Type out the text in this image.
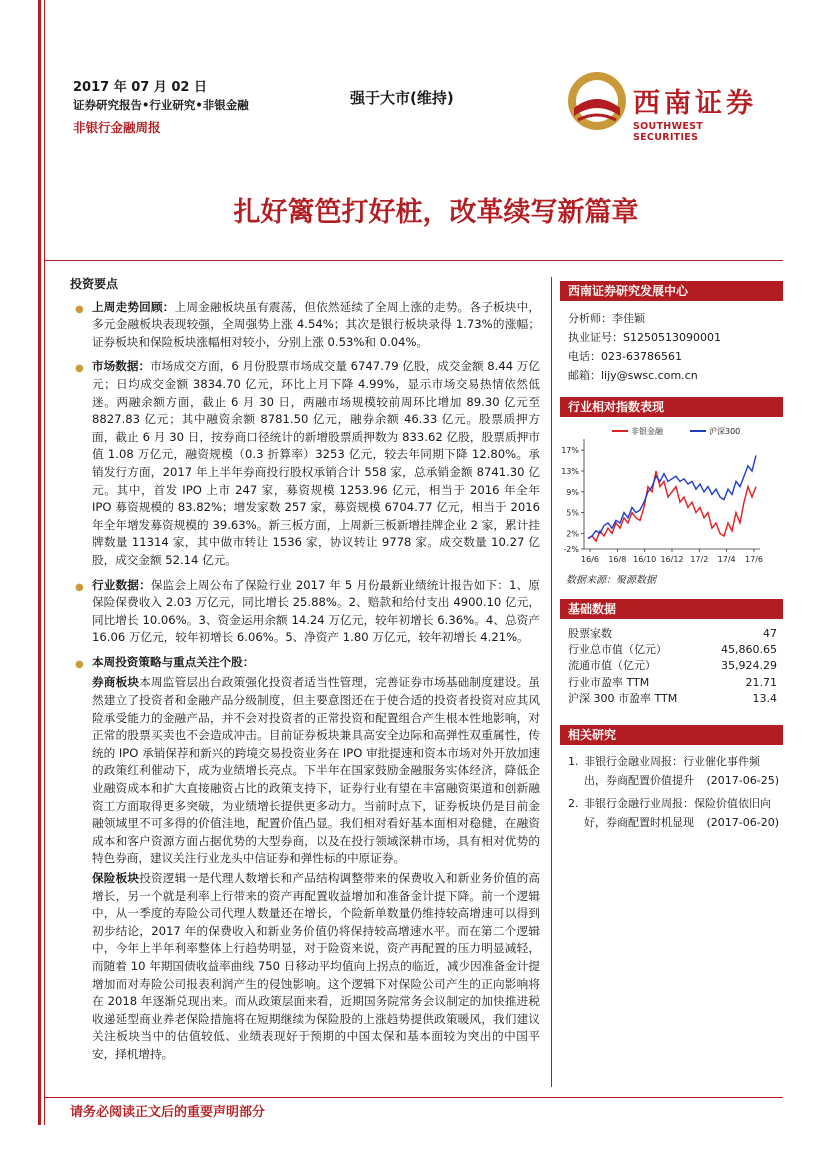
2017 年 07 月 02 日
证券研究报告•行业研究•非银金融
非银行金融周报
强于大市(维持)	西南证券
SOUTHWEST SECURITIES
扎好篱笆打好桩，改革续写新篇章
投资要点
● 上周走势回顾：上周金融板块虽有震荡，但依然延续了全周上涨的走势。各子板块中，多元金融板块表现较强，全周强势上涨 4.54%；其次是银行板块录得 1.73%的涨幅；证券板块和保险板块涨幅相对较小，分别上涨 0.53%和 0.04%。
● 市场数据：市场成交方面，6 月份股票市场成交量 6747.79 亿股，成交金额 8.44 万亿元；日均成交金额 3834.70 亿元，环比上月下降 4.99%，显示市场交易热情依然低迷。两融余额方面，截止 6 月 30 日，两融市场规模较前周环比增加 89.30 亿元至 8827.83 亿元；其中融资余额 8781.50 亿元，融券余额 46.33 亿元。股票质押方面，截止 6 月 30 日，按券商口径统计的新增股票质押数为 833.62 亿股，股票质押市值 1.08 万亿元，融资规模（0.3 折算率）3253 亿元，较去年同期下降 12.80%。承销发行方面，2017 年上半年券商投行股权承销合计 558 家，总承销金额 8741.30 亿元。其中，首发 IPO 上市 247 家，募资规模 1253.96 亿元，相当于 2016 年全年 IPO 募资规模的 83.82%；增发家数 257 家，募资规模 6704.77 亿元，相当于 2016 年全年增发募资规模的 39.63%。新三板方面，上周新三板新增挂牌企业 2 家，累计挂牌数量 11314 家，其中做市转让 1536 家，协议转让 9778 家。成交数量 10.27 亿股，成交金额 52.14 亿元。
● 行业数据：保监会上周公布了保险行业 2017 年 5 月份最新业绩统计报告如下：1、原保险保费收入 2.03 万亿元，同比增长 25.88%。2、赔款和给付支出 4900.10 亿元，同比增长 10.06%。3、资金运用余额 14.24 万亿元，较年初增长 6.36%。4、总资产 16.06 万亿元，较年初增长 6.06%。5、净资产 1.80 万亿元，较年初增长 4.21%。
● 本周投资策略与重点关注个股：
券商板块本周监管层出台政策强化投资者适当性管理，完善证券市场基础制度建设。虽然建立了投资者和金融产品分级制度，但主要意图还在于使合适的投资者投资对应其风险承受能力的金融产品，并不会对投资者的正常投资和配置组合产生根本性地影响，对正常的股票买卖也不会造成冲击。目前证券板块兼具高安全边际和高弹性双重属性，传统的 IPO 承销保荐和新兴的跨境交易投资业务在 IPO 审批提速和资本市场对外开放加速的政策红利催动下，成为业绩增长亮点。下半年在国家鼓励金融服务实体经济，降低企业融资成本和扩大直接融资占比的政策支持下，证券行业有望在丰富融资渠道和创新融资工方面取得更多突破，为业绩增长提供更多动力。当前时点下，证券板块仍是目前金融领域里不可多得的价值洼地，配置价值凸显。我们相对看好基本面相对稳健，在融资成本和客户资源方面占据优势的大型券商，以及在投行领域深耕市场，具有相对优势的特色券商，建议关注行业龙头中信证券和弹性标的中原证券。
保险板块投资逻辑一是代理人数增长和产品结构调整带来的保费收入和新业务价值的高增长，另一个就是利率上行带来的资产再配置收益增加和准备金计提下降。前一个逻辑中，从一季度的寿险公司代理人数量还在增长，个险新单数量仍维持较高增速可以得到初步结论，2017 年的保费收入和新业务价值仍将保持较高增速水平。而在第二个逻辑中，今年上半年利率整体上行趋势明显，对于险资来说，资产再配置的压力明显减轻，而随着 10 年期国债收益率曲线 750 日移动平均值向上拐点的临近，减少因准备金计提增加而对寿险公司报表利润产生的侵蚀影响。这个逻辑下对保险公司产生的正向影响将在 2018 年逐渐兑现出来。而从政策层面来看，近期国务院常务会议制定的加快推进税收递延型商业养老保险措施将在短期继续为保险股的上涨趋势提供政策暖风，我们建议关注板块当中的估值较低、业绩表现好于预期的中国太保和基本面较为突出的中国平安，择机增持。
西南证券研究发展中心
分析师：李佳颖
执业证号：S1250513090001
电话：023-63786561
邮箱：lijy@swsc.com.cn
行业相对指数表现
17%
13%
9%
5%
2%
-2%
16/6 16/8 16/10 16/12 17/2 17/4 17/6
非银金融	沪深300
数据来源：聚源数据
基础数据
股票家数	47
行业总市值（亿元）	45,860.65
流通市值（亿元）	35,924.29
行业市盈率 TTM	21.71
沪深 300 市盈率 TTM	13.4
相关研究
1. 非银行金融业周报：行业催化事件频出，券商配置价值提升 (2017-06-25)
2. 非银行金融行业周报：保险价值依旧向好，券商配置时机显现 (2017-06-20)
请务必阅读正文后的重要声明部分
